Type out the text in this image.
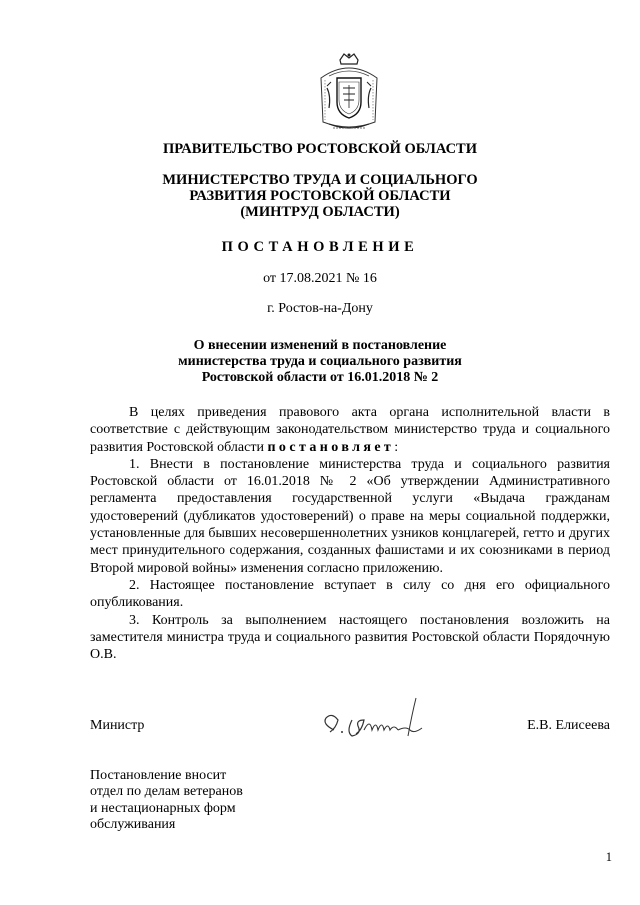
ПРАВИТЕЛЬСТВО РОСТОВСКОЙ ОБЛАСТИ
МИНИСТЕРСТВО ТРУДА И СОЦИАЛЬНОГО
РАЗВИТИЯ РОСТОВСКОЙ ОБЛАСТИ
(МИНТРУД ОБЛАСТИ)
ПОСТАНОВЛЕНИЕ
от 17.08.2021 № 16
г. Ростов-на-Дону
О внесении изменений в постановление
министерства труда и социального развития
Ростовской области от 16.01.2018 № 2

В целях приведения правового акта органа исполнительной власти в соответствие с действующим законодательством министерство труда и социального развития Ростовской области постановляет:

1. Внести в постановление министерства труда и социального развития Ростовской области от 16.01.2018 № 2 «Об утверждении Административного регламента предоставления государственной услуги «Выдача гражданам удостоверений (дубликатов удостоверений) о праве на меры социальной поддержки, установленные для бывших несовершеннолетних узников концлагерей, гетто и других мест принудительного содержания, созданных фашистами и их союзниками в период Второй мировой войны» изменения согласно приложению.

2. Настоящее постановление вступает в силу со дня его официального опубликования.

3. Контроль за выполнением настоящего постановления возложить на заместителя министра труда и социального развития Ростовской области Порядочную О.В.

Министр	Е.В. Елисеева
Постановление вносит
отдел по делам ветеранов
и нестационарных форм
обслуживания
1
